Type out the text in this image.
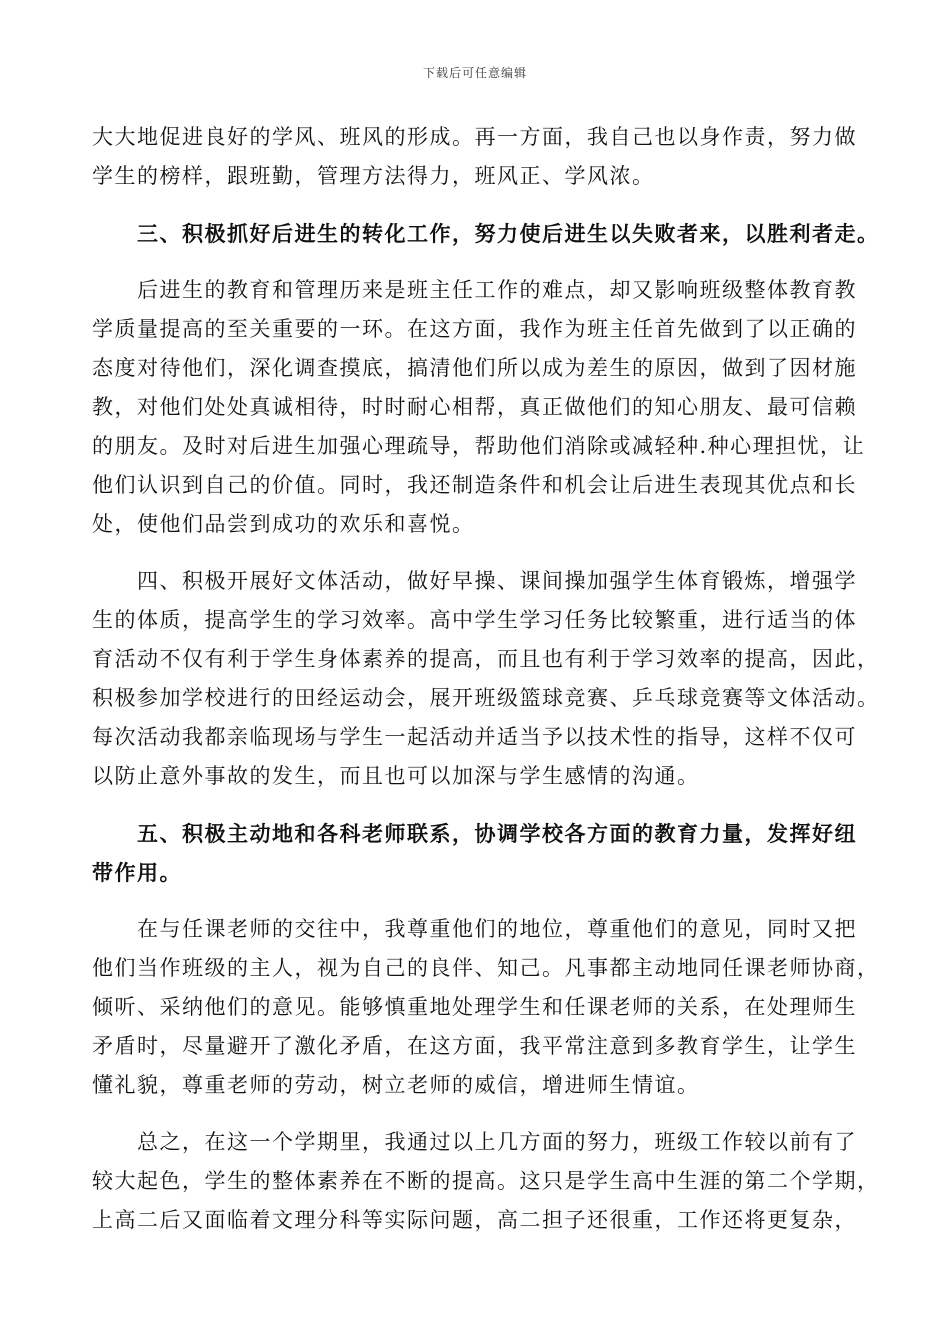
下载后可任意编辑

大大地促进良好的学风、班风的形成。再一方面，我自己也以身作责，努力做
学生的榜样，跟班勤，管理方法得力，班风正、学风浓。

三、积极抓好后进生的转化工作，努力使后进生以失败者来，以胜利者走。

后进生的教育和管理历来是班主任工作的难点，却又影响班级整体教育教

学质量提高的至关重要的一环。在这方面，我作为班主任首先做到了以正确的
态度对待他们，深化调查摸底，搞清他们所以成为差生的原因，做到了因材施
教，对他们处处真诚相待，时时耐心相帮，真正做他们的知心朋友、最可信赖
的朋友。及时对后进生加强心理疏导，帮助他们消除或减轻种.种心理担忧，让
他们认识到自己的价值。同时，我还制造条件和机会让后进生表现其优点和长
处，使他们品尝到成功的欢乐和喜悦。

四、积极开展好文体活动，做好早操、课间操加强学生体育锻炼，增强学

生的体质，提高学生的学习效率。高中学生学习任务比较繁重，进行适当的体
育活动不仅有利于学生身体素养的提高，而且也有利于学习效率的提高，因此，
积极参加学校进行的田经运动会，展开班级篮球竞赛、乒乓球竞赛等文体活动。
每次活动我都亲临现场与学生一起活动并适当予以技术性的指导，这样不仅可
以防止意外事故的发生，而且也可以加深与学生感情的沟通。

五、积极主动地和各科老师联系，协调学校各方面的教育力量，发挥好纽

带作用。

在与任课老师的交往中，我尊重他们的地位，尊重他们的意见，同时又把

他们当作班级的主人，视为自己的良伴、知己。凡事都主动地同任课老师协商，
倾听、采纳他们的意见。能够慎重地处理学生和任课老师的关系，在处理师生
矛盾时，尽量避开了激化矛盾，在这方面，我平常注意到多教育学生，让学生
懂礼貌，尊重老师的劳动，树立老师的威信，增进师生情谊。

总之，在这一个学期里，我通过以上几方面的努力，班级工作较以前有了

较大起色，学生的整体素养在不断的提高。这只是学生高中生涯的第二个学期，
上高二后又面临着文理分科等实际问题，高二担子还很重，工作还将更复杂，
